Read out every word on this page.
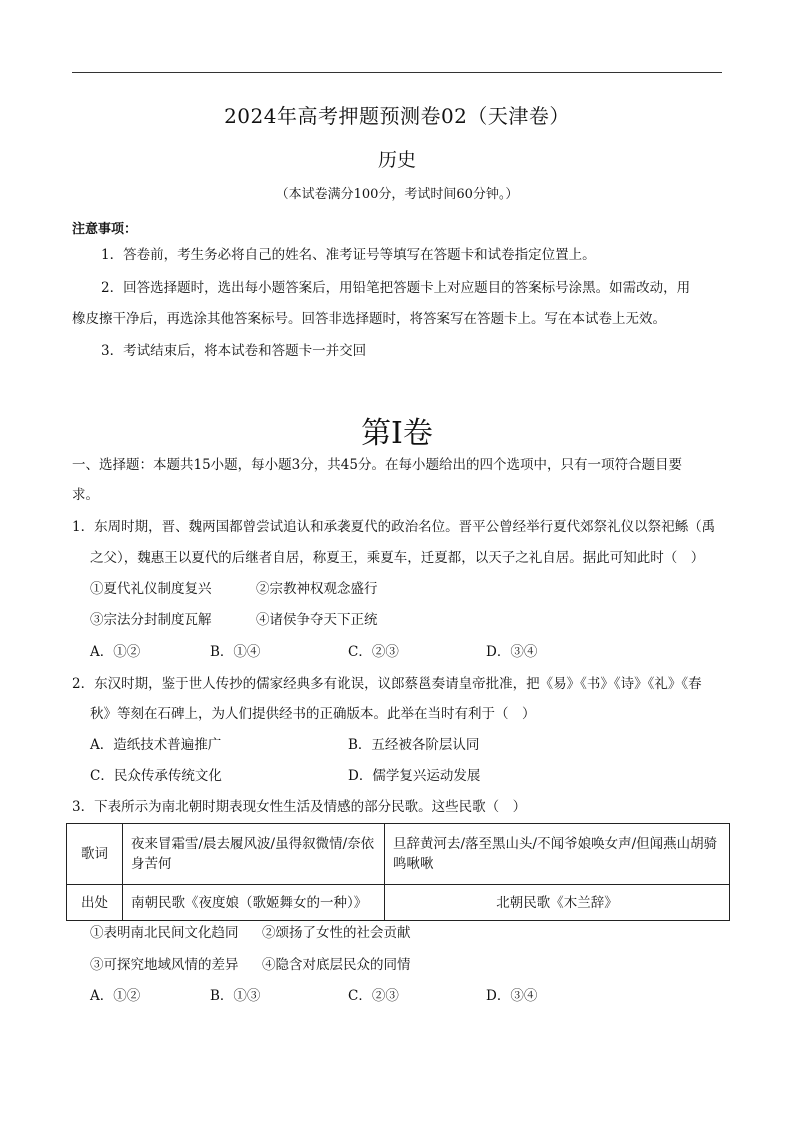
2024年高考押题预测卷02（天津卷）
历史
（本试卷满分100分，考试时间60分钟。）
注意事项：
1．答卷前，考生务必将自己的姓名、准考证号等填写在答题卡和试卷指定位置上。
2．回答选择题时，选出每小题答案后，用铅笔把答题卡上对应题目的答案标号涂黑。如需改动，用
橡皮擦干净后，再选涂其他答案标号。回答非选择题时，将答案写在答题卡上。写在本试卷上无效。
3．考试结束后，将本试卷和答题卡一并交回
第I卷
一、选择题：本题共15小题，每小题3分，共45分。在每小题给出的四个选项中，只有一项符合题目要
求。
1．东周时期，晋、魏两国都曾尝试追认和承袭夏代的政治名位。晋平公曾经举行夏代郊祭礼仪以祭祀鲧（禹
之父），魏惠王以夏代的后继者自居，称夏王，乘夏车，迁夏都，以天子之礼自居。据此可知此时（　）
①夏代礼仪制度复兴	②宗教神权观念盛行
③宗法分封制度瓦解	④诸侯争夺天下正统
A．①②	B．①④	C．②③	D．③④
2．东汉时期，鉴于世人传抄的儒家经典多有讹误，议郎蔡邕奏请皇帝批准，把《易》《书》《诗》《礼》《春
秋》等刻在石碑上，为人们提供经书的正确版本。此举在当时有利于（　）
A．造纸技术普遍推广	B．五经被各阶层认同
C．民众传承传统文化	D．儒学复兴运动发展
3．下表所示为南北朝时期表现女性生活及情感的部分民歌。这些民歌（　）
歌词	夜来冒霜雪/晨去履风波/虽得叙微情/奈依身苦何	旦辞黄河去/落至黑山头/不闻爷娘唤女声/但闻燕山胡骑鸣啾啾
出处	南朝民歌《夜度娘（歌姬舞女的一种）》	北朝民歌《木兰辞》
①表明南北民间文化趋同 ②颂扬了女性的社会贡献
③可探究地域风情的差异 ④隐含对底层民众的同情
A．①②	B．①③	C．②③	D．③④
